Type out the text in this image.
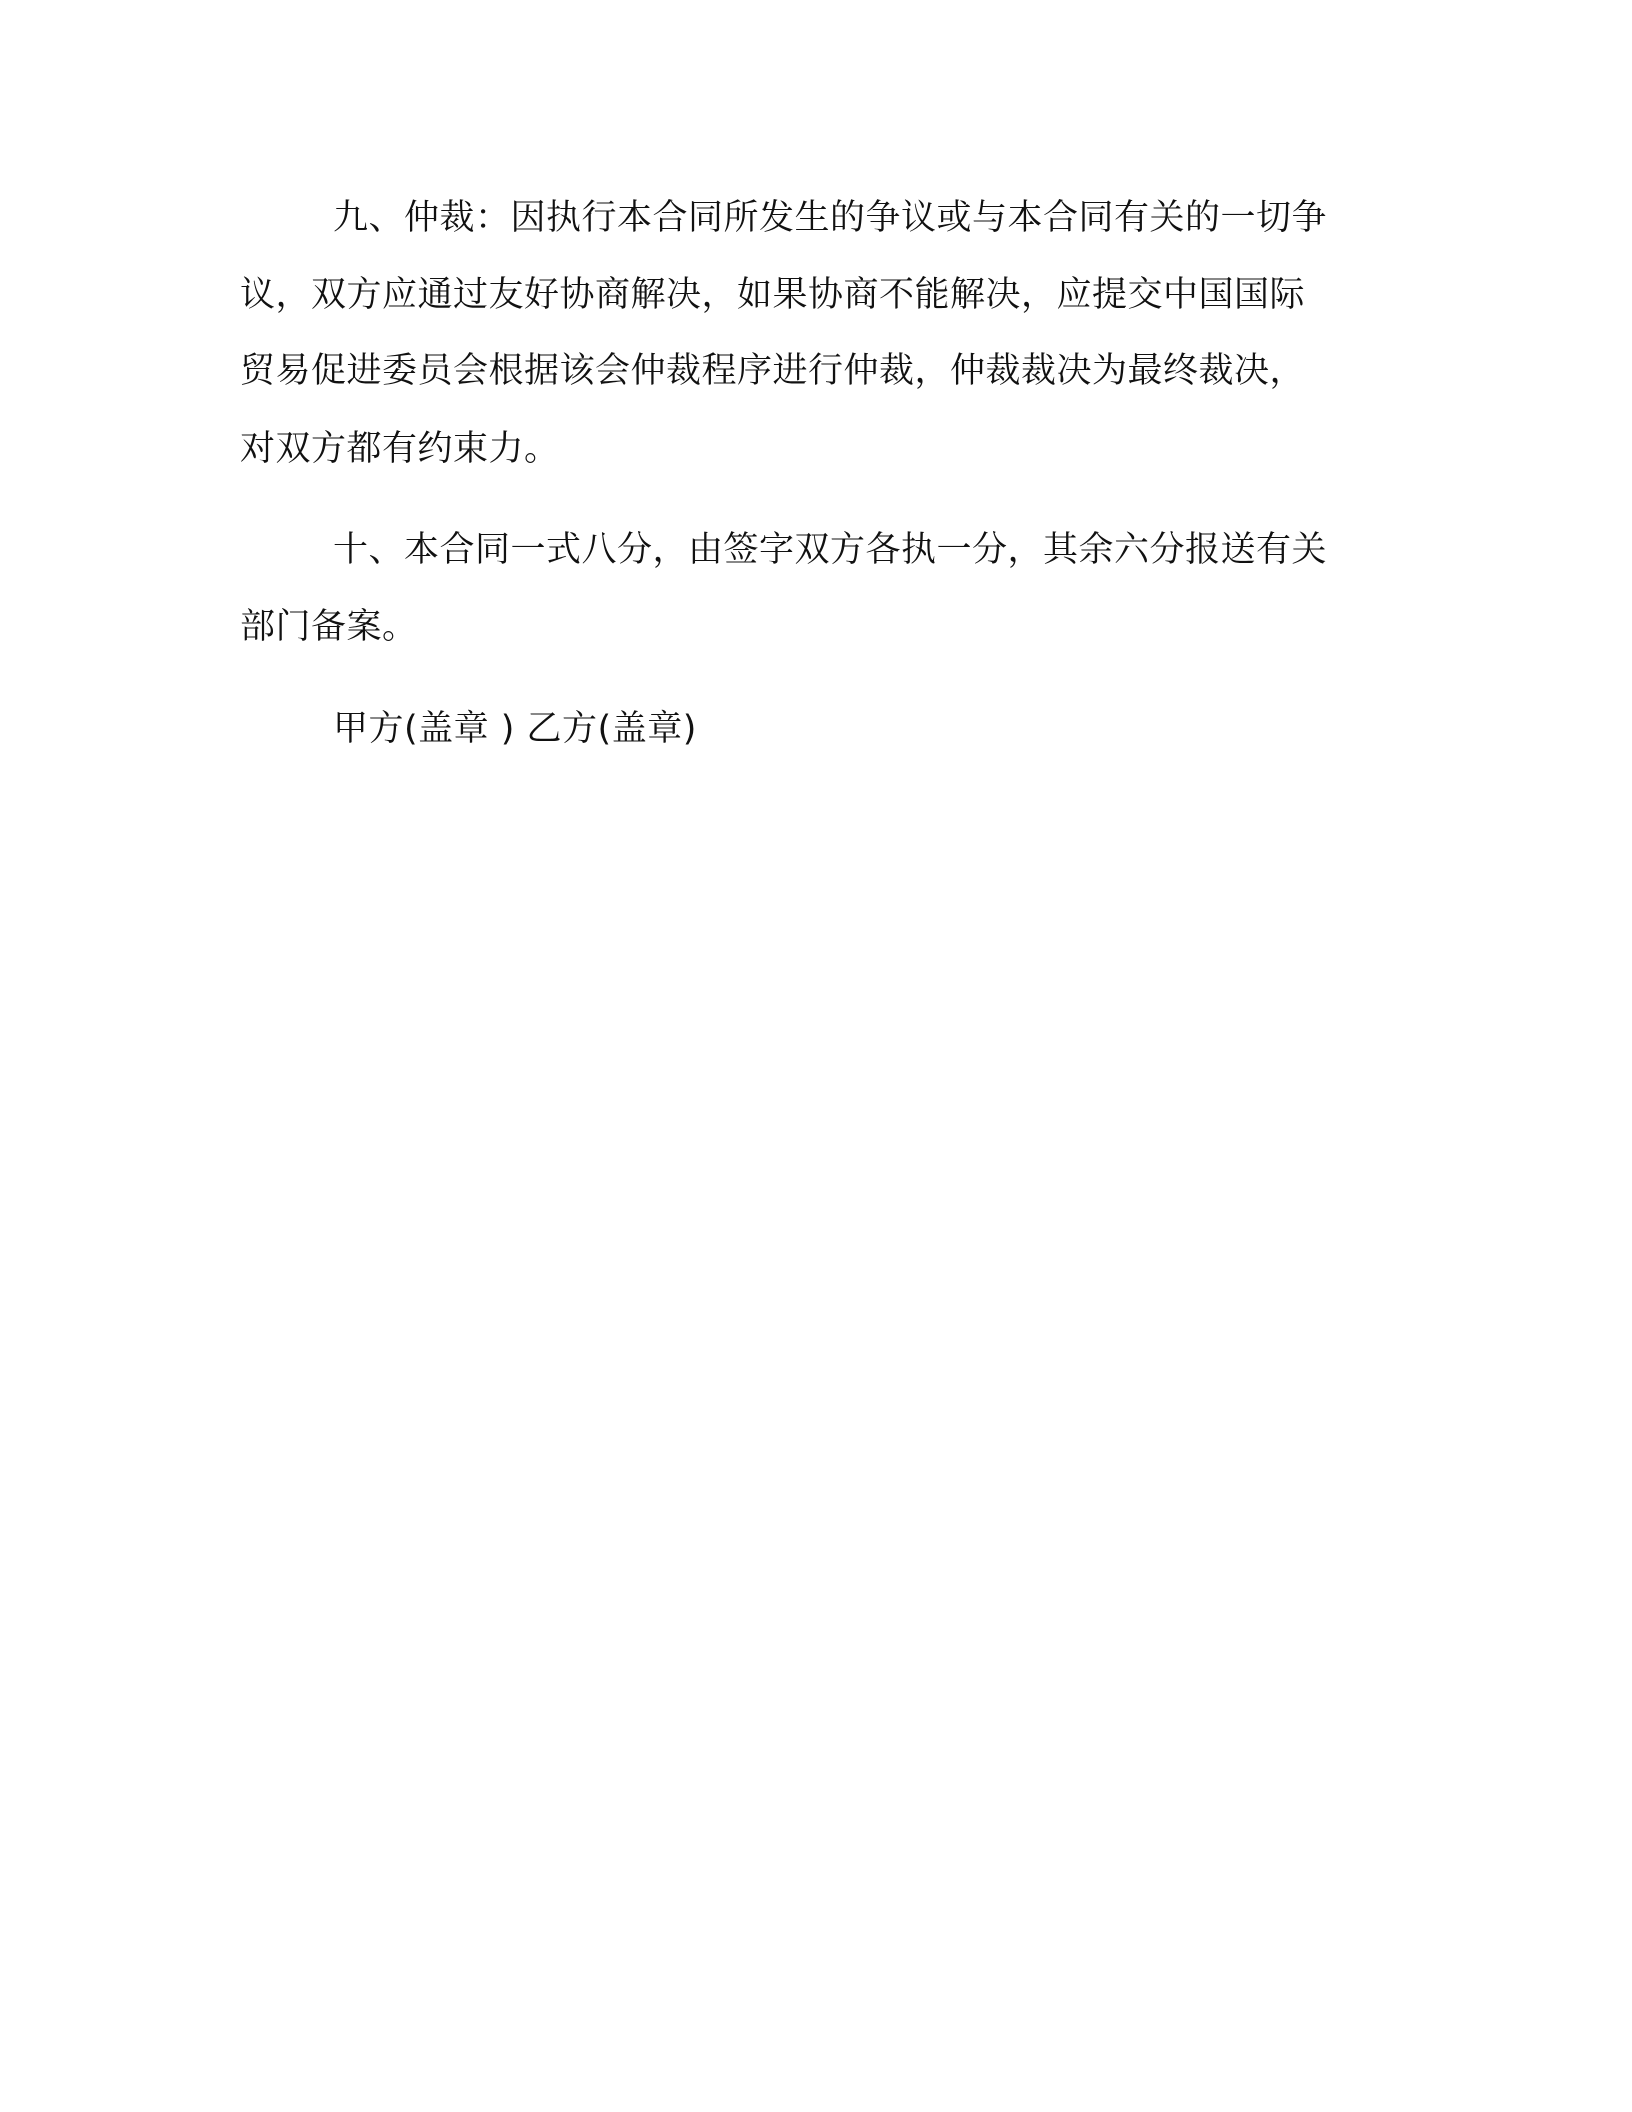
九、仲裁：因执行本合同所发生的争议或与本合同有关的一切争
议，双方应通过友好协商解决，如果协商不能解决，应提交中国国际
贸易促进委员会根据该会仲裁程序进行仲裁，仲裁裁决为最终裁决，
对双方都有约束力。
十、本合同一式八分，由签字双方各执一分，其余六分报送有关
部门备案。
甲方(盖章 ) 乙方(盖章)
